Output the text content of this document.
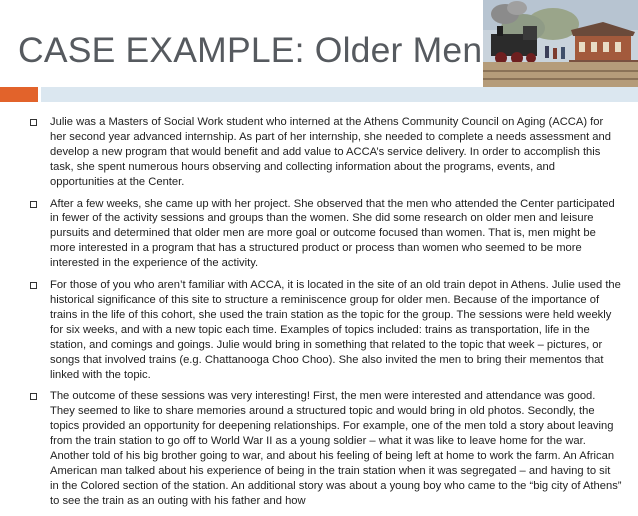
CASE EXAMPLE: Older Men

Julie was a Masters of Social Work student who interned at the Athens Community Council on Aging (ACCA) for her second year advanced internship. As part of her internship, she needed to complete a needs assessment and develop a new program that would benefit and add value to ACCA’s service delivery. In order to accomplish this task, she spent numerous hours observing and collecting information about the programs, events, and opportunities at the Center.

After a few weeks, she came up with her project. She observed that the men who attended the Center participated in fewer of the activity sessions and groups than the women. She did some research on older men and leisure pursuits and determined that older men are more goal or outcome focused than women. That is, men might be more interested in a program that has a structured product or process than women who seemed to be more interested in the experience of the activity.

For those of you who aren’t familiar with ACCA, it is located in the site of an old train depot in Athens. Julie used the historical significance of this site to structure a reminiscence group for older men. Because of the importance of trains in the life of this cohort, she used the train station as the topic for the group. The sessions were held weekly for six weeks, and with a new topic each time. Examples of topics included: trains as transportation, life in the station, and comings and goings. Julie would bring in something that related to the topic that week – pictures, or songs that involved trains (e.g. Chattanooga Choo Choo). She also invited the men to bring their mementos that linked with the topic.

The outcome of these sessions was very interesting! First, the men were interested and attendance was good. They seemed to like to share memories around a structured topic and would bring in old photos. Secondly, the topics provided an opportunity for deepening relationships. For example, one of the men told a story about leaving from the train station to go off to World War II as a young soldier – what it was like to leave home for the war. Another told of his big brother going to war, and about his feeling of being left at home to work the farm. An African American man talked about his experience of being in the train station when it was segregated – and having to sit in the Colored section of the station. An additional story was about a young boy who came to the “big city of Athens” to see the train as an outing with his father and how
